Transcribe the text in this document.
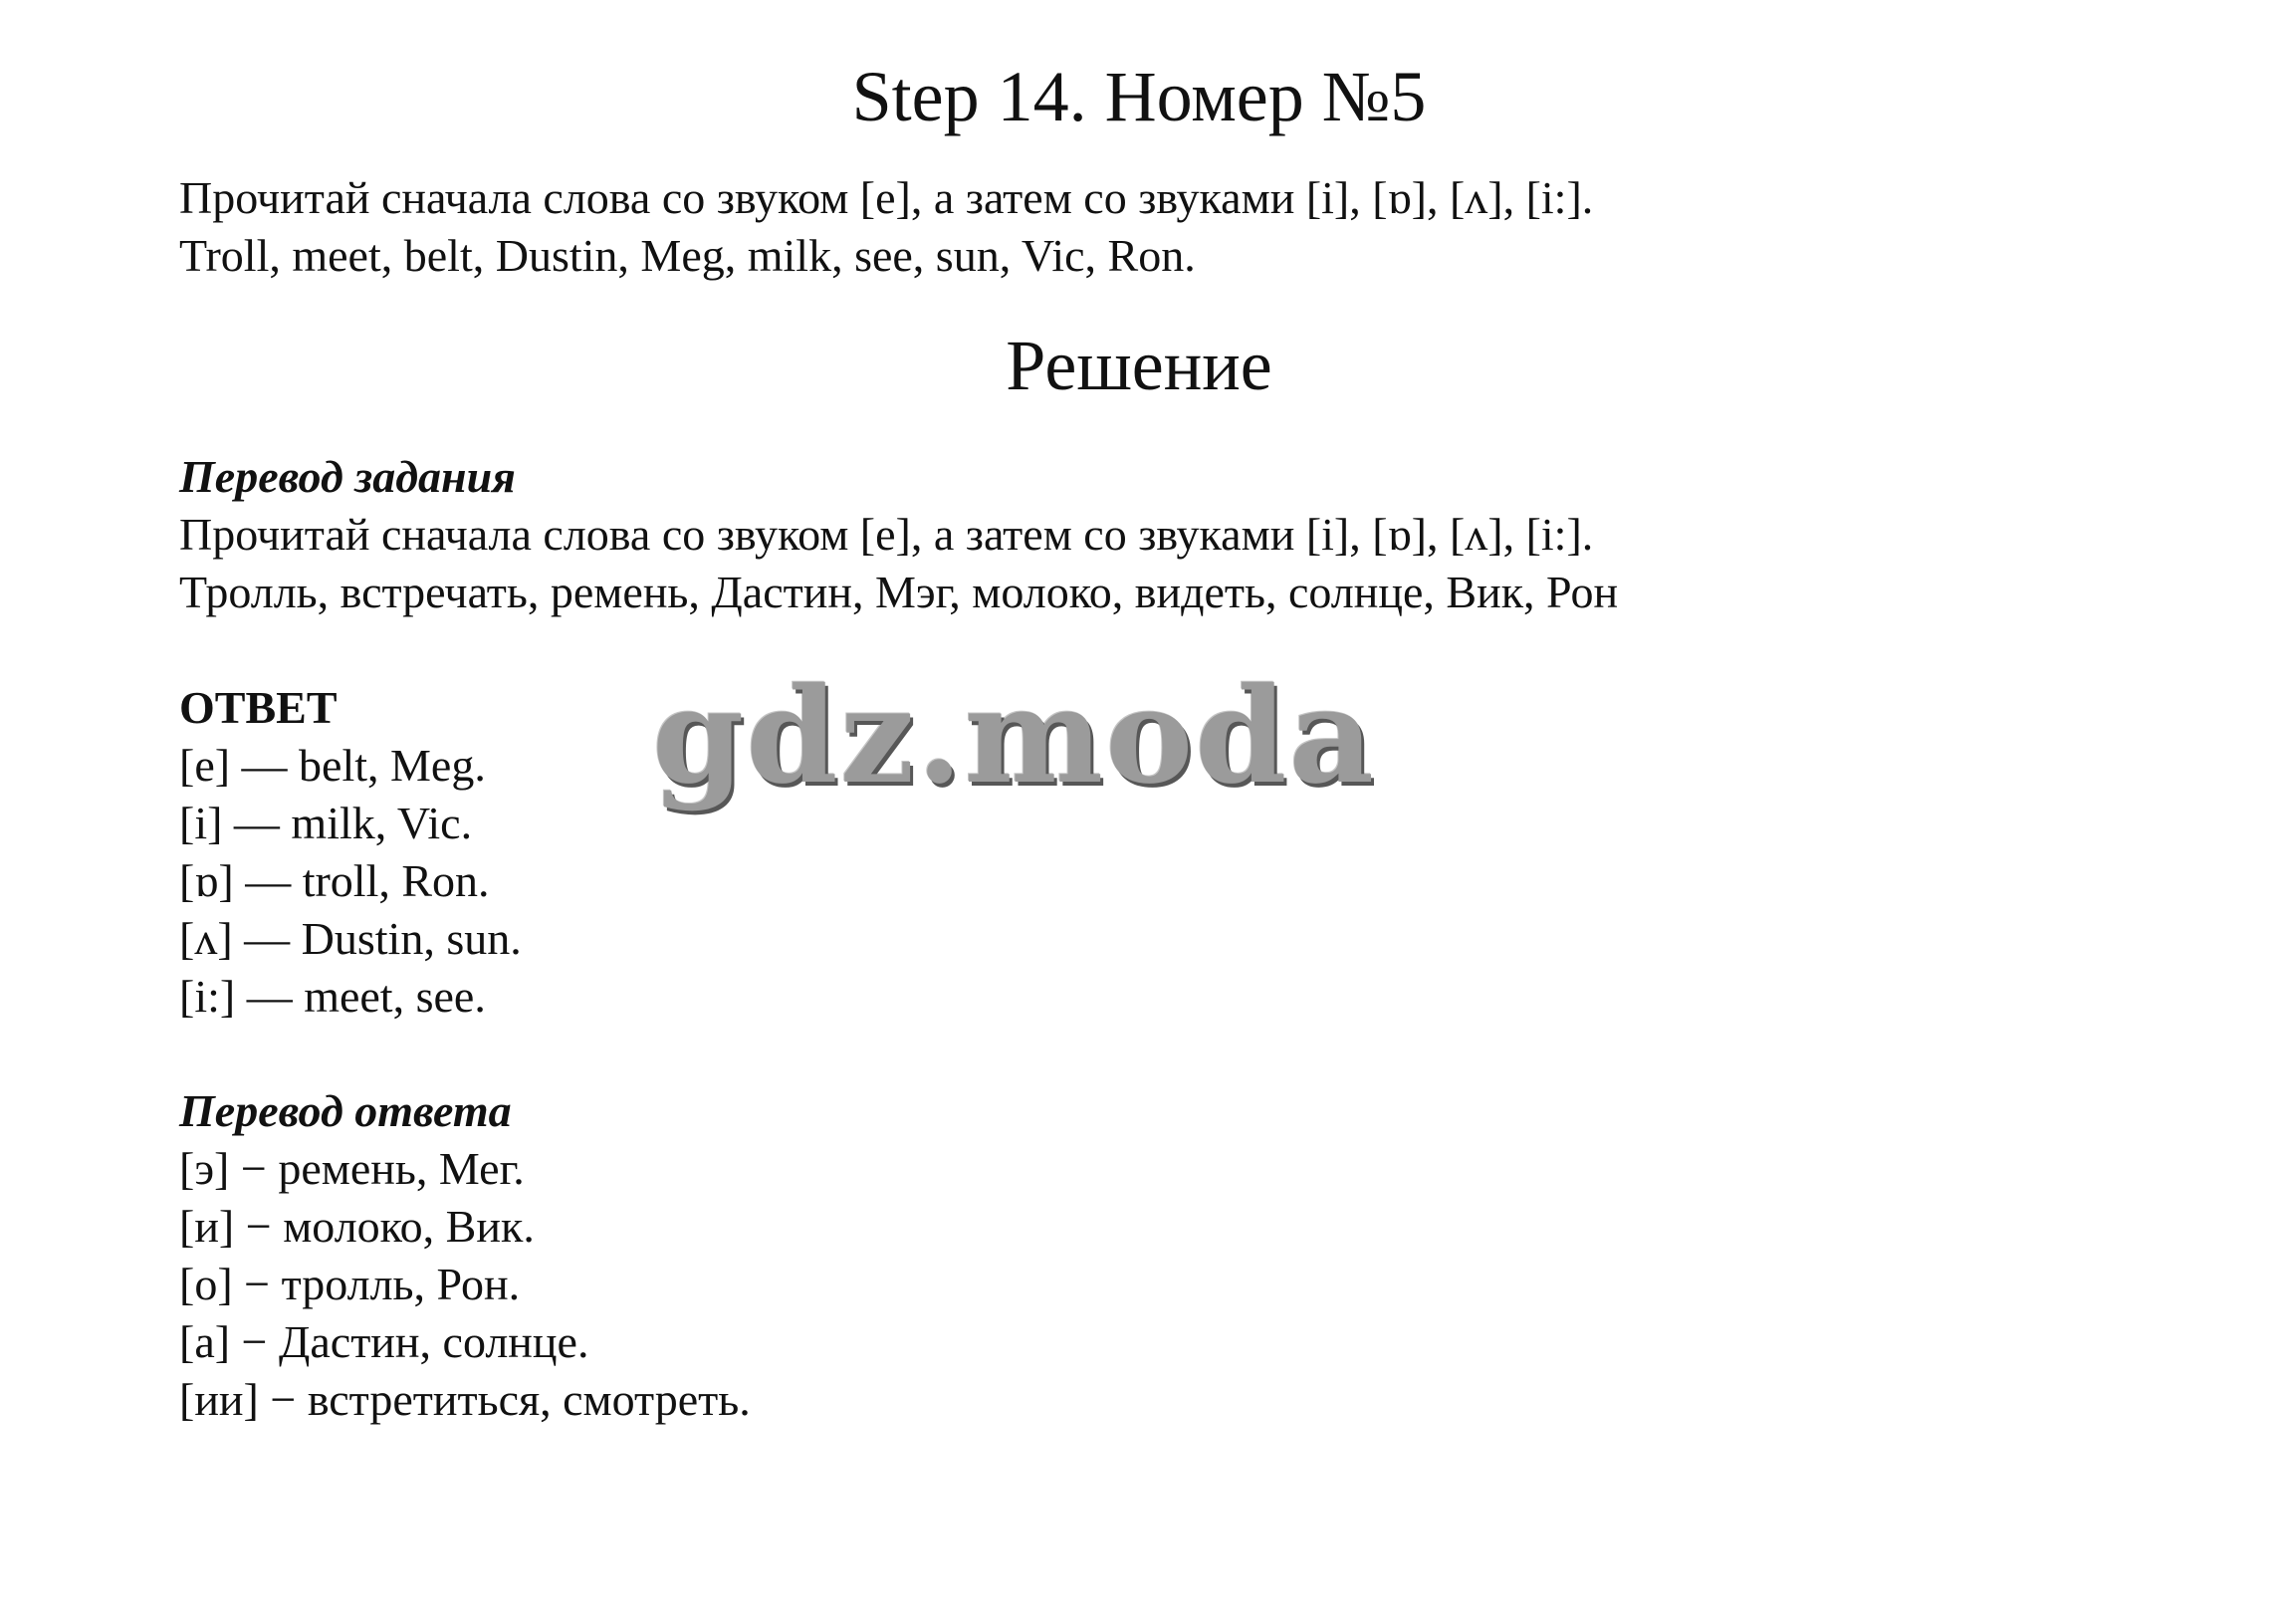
Step 14. Номер №5

Прочитай сначала слова со звуком [e], а затем со звуками [i], [ɒ], [ʌ], [i:].

Troll, meet, belt, Dustin, Meg, milk, see, sun, Vic, Ron.

Решение

Перевод задания

Прочитай сначала слова со звуком [e], а затем со звуками [i], [ɒ], [ʌ], [i:].

Тролль, встречать, ремень, Дастин, Мэг, молоко, видеть, солнце, Вик, Рон

ОТВЕТ

[e] — belt, Meg.

[i] — milk, Vic.

[ɒ] — troll, Ron.

[ʌ] — Dustin, sun.

[i:] — meet, see.

Перевод ответа

[э] − ремень, Мег.

[и] − молоко, Вик.

[о] − тролль, Рон.

[а] − Дастин, солнце.

[ии] − встретиться, смотреть.

gdz.moda
